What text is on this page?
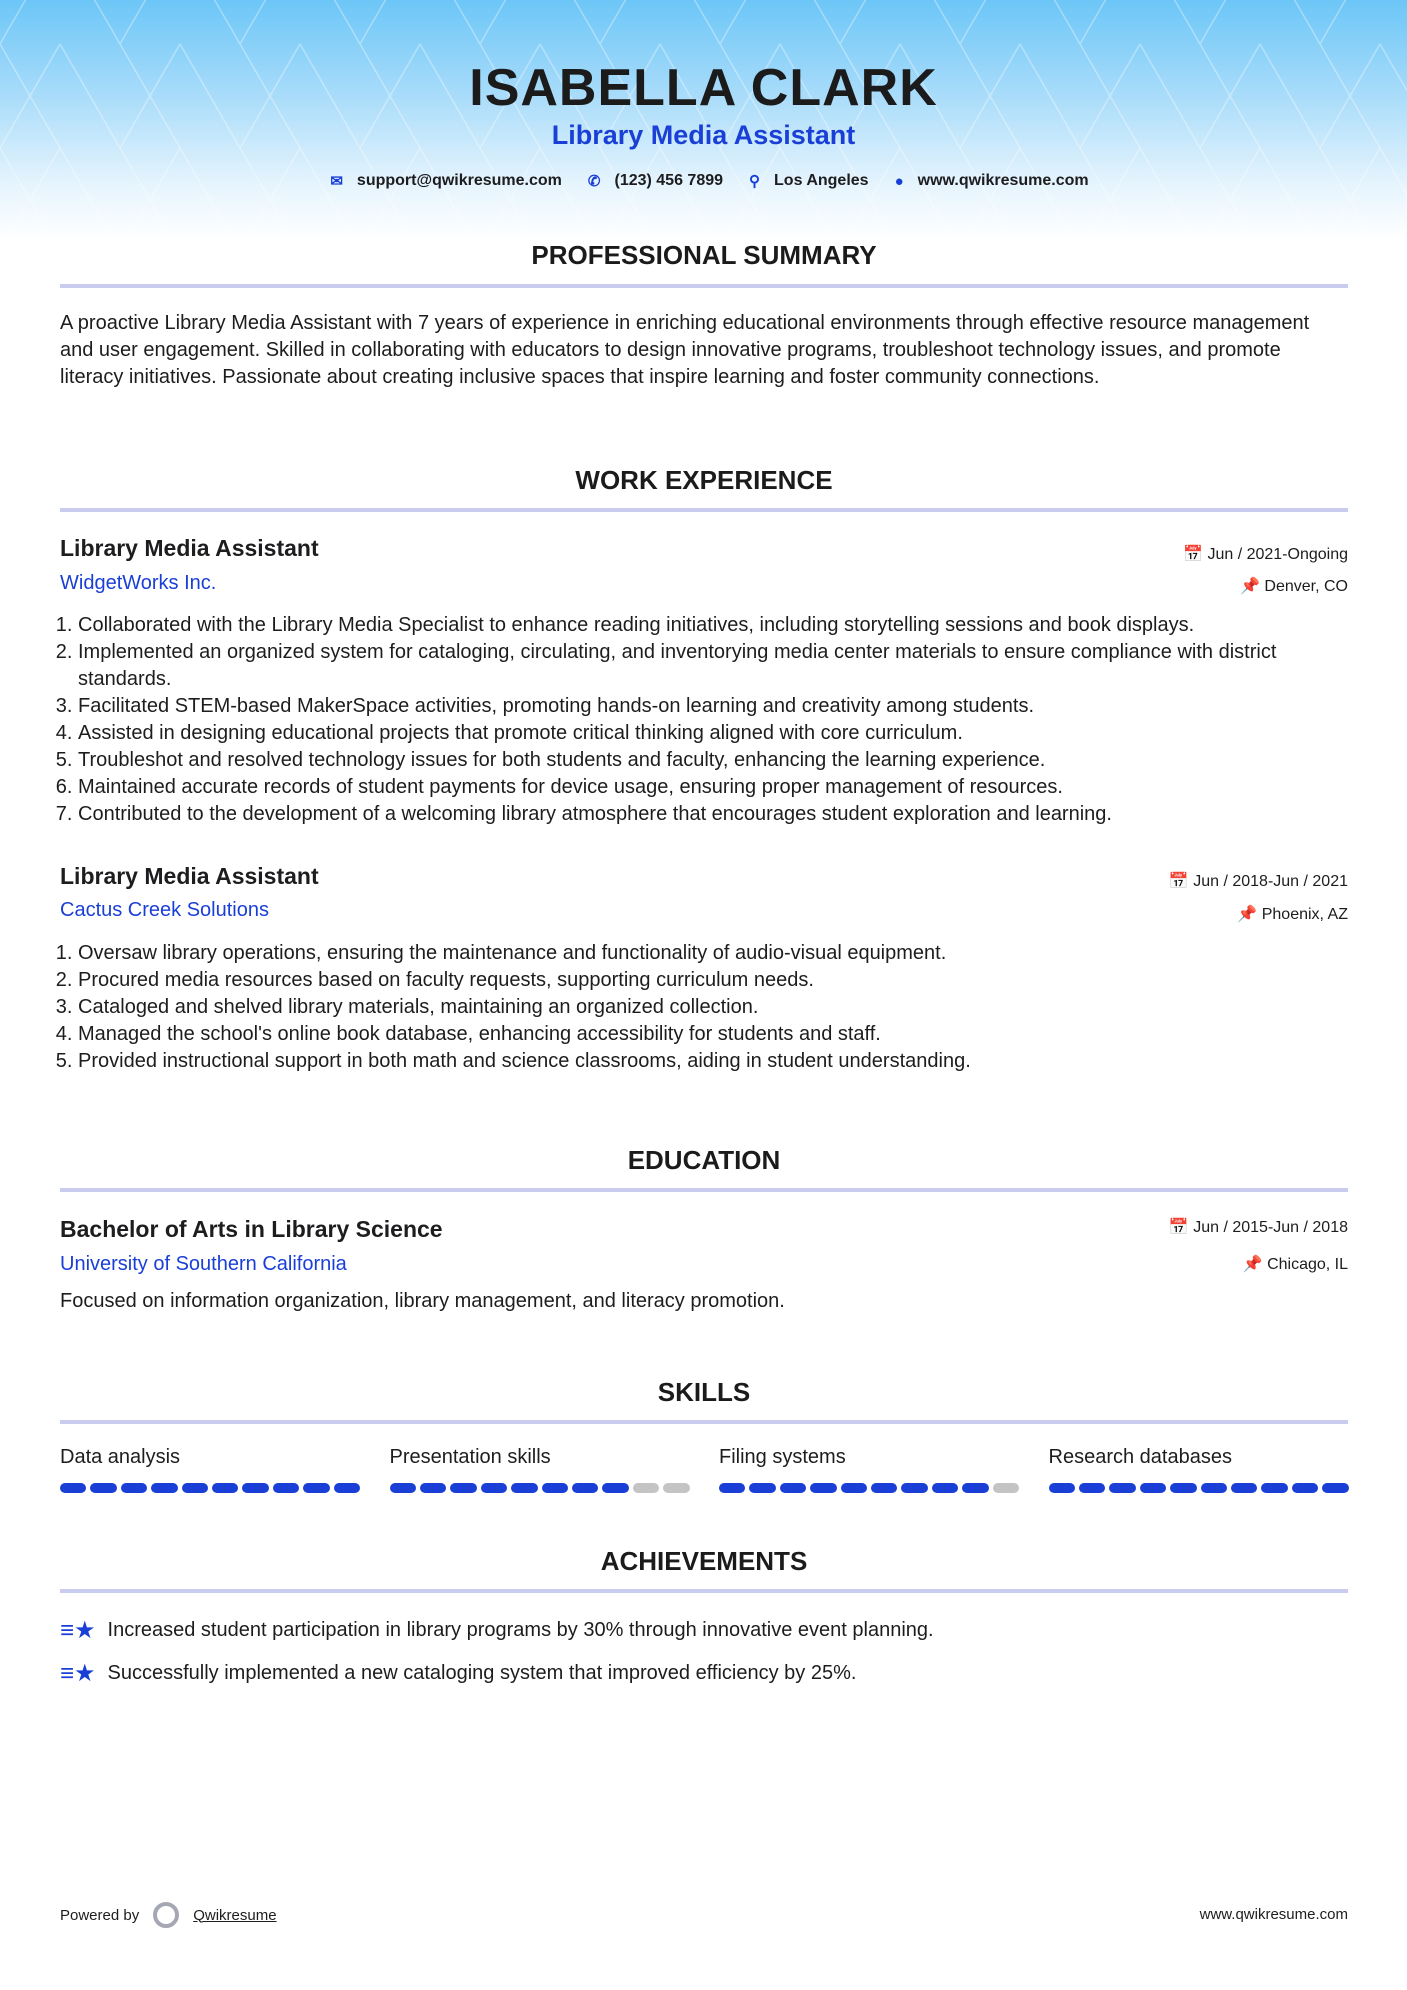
ISABELLA CLARK
Library Media Assistant
✉ support@qwikresume.com ✆ (123) 456 7899 ⚲ Los Angeles ● www.qwikresume.com
PROFESSIONAL SUMMARY
A proactive Library Media Assistant with 7 years of experience in enriching educational environments through effective resource management and user engagement. Skilled in collaborating with educators to design innovative programs, troubleshoot technology issues, and promote literacy initiatives. Passionate about creating inclusive spaces that inspire learning and foster community connections.
WORK EXPERIENCE
Library Media Assistant	📅 Jun / 2021-Ongoing
WidgetWorks Inc.	📌 Denver, CO
1. Collaborated with the Library Media Specialist to enhance reading initiatives, including storytelling sessions and book displays.
2. Implemented an organized system for cataloging, circulating, and inventorying media center materials to ensure compliance with district standards.
3. Facilitated STEM-based MakerSpace activities, promoting hands-on learning and creativity among students.
4. Assisted in designing educational projects that promote critical thinking aligned with core curriculum.
5. Troubleshot and resolved technology issues for both students and faculty, enhancing the learning experience.
6. Maintained accurate records of student payments for device usage, ensuring proper management of resources.
7. Contributed to the development of a welcoming library atmosphere that encourages student exploration and learning.
Library Media Assistant	📅 Jun / 2018-Jun / 2021
Cactus Creek Solutions	📌 Phoenix, AZ
1. Oversaw library operations, ensuring the maintenance and functionality of audio-visual equipment.
2. Procured media resources based on faculty requests, supporting curriculum needs.
3. Cataloged and shelved library materials, maintaining an organized collection.
4. Managed the school's online book database, enhancing accessibility for students and staff.
5. Provided instructional support in both math and science classrooms, aiding in student understanding.
EDUCATION
Bachelor of Arts in Library Science	📅 Jun / 2015-Jun / 2018
University of Southern California	📌 Chicago, IL
Focused on information organization, library management, and literacy promotion.
SKILLS
Data analysis	Presentation skills	Filing systems	Research databases
ACHIEVEMENTS
≡★ Increased student participation in library programs by 30% through innovative event planning.
≡★ Successfully implemented a new cataloging system that improved efficiency by 25%.
Powered by	Qwikresume	www.qwikresume.com
